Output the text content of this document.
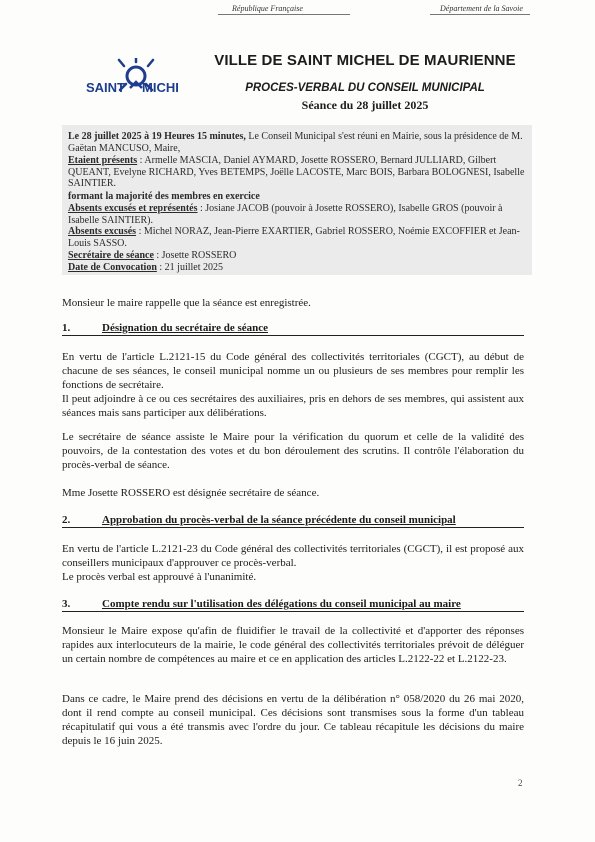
République Française	Département de la Savoie
SAINT MICHI
VILLE DE SAINT MICHEL DE MAURIENNE
PROCES-VERBAL DU CONSEIL MUNICIPAL
Séance du 28 juillet 2025

Le 28 juillet 2025 à 19 Heures 15 minutes, Le Conseil Municipal s'est réuni en Mairie, sous la présidence de M. Gaëtan MANCUSO, Maire,

Etaient présents : Armelle MASCIA, Daniel AYMARD, Josette ROSSERO, Bernard JULLIARD, Gilbert QUEANT, Evelyne RICHARD, Yves BETEMPS, Joëlle LACOSTE, Marc BOIS, Barbara BOLOGNESI, Isabelle SAINTIER.

formant la majorité des membres en exercice

Absents excusés et représentés : Josiane JACOB (pouvoir à Josette ROSSERO), Isabelle GROS (pouvoir à Isabelle SAINTIER).

Absents excusés : Michel NORAZ, Jean-Pierre EXARTIER, Gabriel ROSSERO, Noémie EXCOFFIER et Jean-Louis SASSO.

Secrétaire de séance : Josette ROSSERO

Date de Convocation : 21 juillet 2025

Monsieur le maire rappelle que la séance est enregistrée.

1.	Désignation du secrétaire de séance

En vertu de l'article L.2121-15 du Code général des collectivités territoriales (CGCT), au début de chacune de ses séances, le conseil municipal nomme un ou plusieurs de ses membres pour remplir les fonctions de secrétaire.

Il peut adjoindre à ce ou ces secrétaires des auxiliaires, pris en dehors de ses membres, qui assistent aux séances mais sans participer aux délibérations.

Le secrétaire de séance assiste le Maire pour la vérification du quorum et celle de la validité des pouvoirs, de la contestation des votes et du bon déroulement des scrutins. Il contrôle l'élaboration du procès-verbal de séance.

Mme Josette ROSSERO est désignée secrétaire de séance.

2.	Approbation du procès-verbal de la séance précédente du conseil municipal

En vertu de l'article L.2121-23 du Code général des collectivités territoriales (CGCT), il est proposé aux conseillers municipaux d'approuver ce procès-verbal.

Le procès verbal est approuvé à l'unanimité.

3.	Compte rendu sur l'utilisation des délégations du conseil municipal au maire

Monsieur le Maire expose qu'afin de fluidifier le travail de la collectivité et d'apporter des réponses rapides aux interlocuteurs de la mairie, le code général des collectivités territoriales prévoit de déléguer un certain nombre de compétences au maire et ce en application des articles L.2122-22 et L.2122-23.

Dans ce cadre, le Maire prend des décisions en vertu de la délibération n° 058/2020 du 26 mai 2020, dont il rend compte au conseil municipal. Ces décisions sont transmises sous la forme d'un tableau récapitulatif qui vous a été transmis avec l'ordre du jour. Ce tableau récapitule les décisions du maire depuis le 16 juin 2025.

2
